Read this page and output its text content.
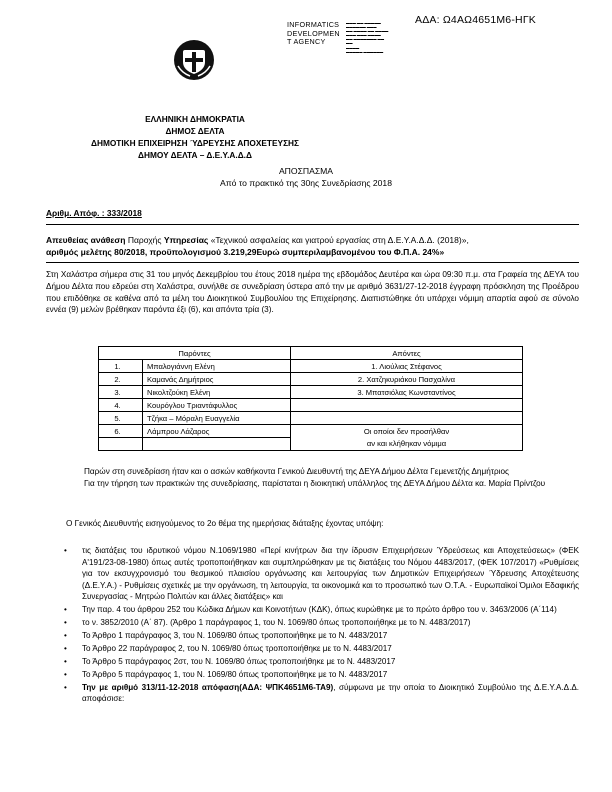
ΑΔΑ: Ω4ΑΩ4651Μ6-ΗΓΚ
INFORMATICS
DEVELOPMEN
T AGENCY
▬▬▬ ▬▬ ▬▬▬▬▬
▬▬▬▬▬▬ ▬▬▬
▬▬ ▬▬▬▬ ▬▬ ▬▬▬▬
▬▬▬ ▬▬▬ ▬▬▬▬
▬▬ ▬▬▬▬▬▬▬ ▬▬
▬▬
▬▬▬▬
▬▬▬▬▬ ▬▬▬▬▬▬
ΕΛΛΗΝΙΚΗ ΔΗΜΟΚΡΑΤΙΑ
ΔΗΜΟΣ ΔΕΛΤΑ
ΔΗΜΟΤΙΚΗ ΕΠΙΧΕΙΡΗΣΗ ΎΔΡΕΥΣΗΣ ΑΠΟΧΕΤΕΥΣΗΣ
ΔΗΜΟΥ ΔΕΛΤΑ – Δ.Ε.Υ.Α.Δ.Δ
ΑΠΟΣΠΑΣΜΑ
Από το πρακτικό της 30ης Συνεδρίασης 2018
Αριθμ. Απόφ. : 333/2018
Απευθείας ανάθεση Παροχής Υπηρεσίας «Τεχνικού ασφαλείας και γιατρού εργασίας στη Δ.Ε.Υ.Α.Δ.Δ. (2018)»,
αριθμός μελέτης 80/2018, προϋπολογισμού 3.219,29Ευρώ συμπεριλαμβανομένου του Φ.Π.Α. 24%»
Στη Χαλάστρα σήμερα στις 31 του μηνός Δεκεμβρίου του έτους 2018 ημέρα της εβδομάδος Δευτέρα και ώρα 09:30 π.μ. στα Γραφεία της ΔΕΥΑ του Δήμου Δέλτα που εδρεύει στη Χαλάστρα, συνήλθε σε συνεδρίαση ύστερα από την με αριθμό 3631/27-12-2018 έγγραφη πρόσκληση της Προέδρου που επιδόθηκε σε καθένα από τα μέλη του Διοικητικού Συμβουλίου της Επιχείρησης. Διαπιστώθηκε ότι υπάρχει νόμιμη απαρτία αφού σε σύνολο εννέα (9) μελών βρέθηκαν παρόντα έξι (6), και απόντα τρία (3).
Παρόντες		Απόντες
1.	Μπαλογιάννη Ελένη	1. Λιούλιας Στέφανος
2.	Καμανάς Δημήτριος	2. Χατζηκυριάκου Πασχαλίνα
3.	Νικολτζούκη Ελένη	3. Μπατσιόλας Κωνσταντίνος
4.	Κουρόγλου Τριαντάφυλλος	
5.	Τζήκα – Μόραλη Ευαγγελία	
6.	Λάμπρου Λάζαρος	Οι οποίοι δεν προσήλθαν
		αν και κλήθηκαν νόμιμα
Παρών στη συνεδρίαση ήταν και ο ασκών καθήκοντα Γενικού Διευθυντή της ΔΕΥΑ Δήμου Δέλτα Γεμενετζής Δημήτριος
Για την τήρηση των πρακτικών της συνεδρίασης, παρίσταται η διοικητική υπάλληλος της ΔΕΥΑ Δήμου Δέλτα κα. Μαρία Πρίντζου
Ο Γενικός Διευθυντής εισηγούμενος το 2ο θέμα της ημερήσιας διάταξης έχοντας υπόψη:
• τις διατάξεις του ιδρυτικού νόμου Ν.1069/1980 «Περί κινήτρων δια την ίδρυσιν Επιχειρήσεων Ύδρεύσεως και Αποχετεύσεως» (ΦΕΚ Α'191/23-08-1980) όπως αυτές τροποποιήθηκαν και συμπληρώθηκαν με τις διατάξεις του Νόμου 4483/2017, (ΦΕΚ 107/2017) «Ρυθμίσεις για τον εκσυγχρονισμό του θεσμικού πλαισίου οργάνωσης και λειτουργίας των Δημοτικών Επιχειρήσεων Ύδρευσης Αποχέτευσης (Δ.Ε.Υ.Α.) - Ρυθμίσεις σχετικές με την οργάνωση, τη λειτουργία, τα οικονομικά και το προσωπικό των Ο.Τ.Α. - Ευρωπαϊκοί Όμιλοι Εδαφικής Συνεργασίας - Μητρώο Πολιτών και άλλες διατάξεις» και
• Την παρ. 4 του άρθρου 252 του Κώδικα Δήμων και Κοινοτήτων (ΚΔΚ), όπως κυρώθηκε με το πρώτο άρθρο του ν. 3463/2006 (Α΄114)
• το ν. 3852/2010 (Α΄ 87). (Άρθρο 1 παράγραφος 1, του Ν. 1069/80 όπως τροποποιήθηκε με το Ν. 4483/2017)
• Το Άρθρο 1 παράγραφος 3, του Ν. 1069/80 όπως τροποποιήθηκε με το Ν. 4483/2017
• Το Άρθρο 22 παράγραφος 2, του Ν. 1069/80 όπως τροποποιήθηκε με το Ν. 4483/2017
• Το Άρθρο 5 παράγραφος 2στ, του Ν. 1069/80 όπως τροποποιήθηκε με το Ν. 4483/2017
• Το Άρθρο 5 παράγραφος 1, του Ν. 1069/80 όπως τροποποιήθηκε με το Ν. 4483/2017
• Την με αριθμό 313/11-12-2018 απόφαση(ΑΔΑ: ΨΠΚ4651Μ6-ΤΑ9), σύμφωνα με την οποία το Διοικητικό Συμβούλιο της Δ.Ε.Υ.Α.Δ.Δ. αποφάσισε:
